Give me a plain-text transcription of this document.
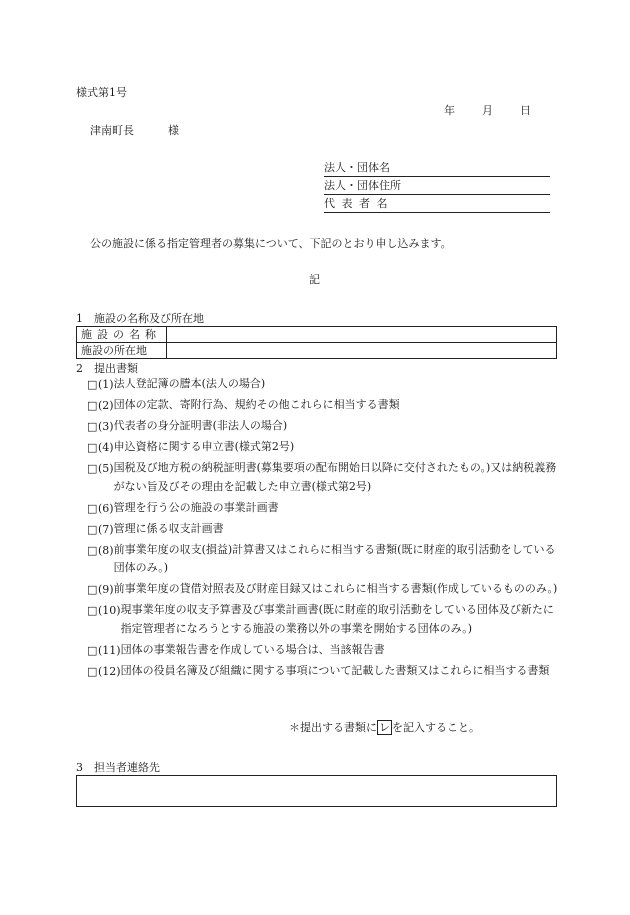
様式第1号
年	月	日
津南町長	様
法人・団体名
法人・団体住所
代表者名
公の施設に係る指定管理者の募集について、下記のとおり申し込みます。
記
1　施設の名称及び所在地
施設の名称	
施設の所在地	
2　提出書類
□ (1) 法人登記簿の謄本(法人の場合)
□ (2) 団体の定款、寄附行為、規約その他これらに相当する書類
□ (3) 代表者の身分証明書(非法人の場合)
□ (4) 申込資格に関する申立書(様式第2号)
□ (5) 国税及び地方税の納税証明書(募集要項の配布開始日以降に交付されたもの。)又は納税義務がない旨及びその理由を記載した申立書(様式第2号)
□ (6) 管理を行う公の施設の事業計画書
□ (7) 管理に係る収支計画書
□ (8) 前事業年度の収支(損益)計算書又はこれらに相当する書類(既に財産的取引活動をしている団体のみ。)
□ (9) 前事業年度の貸借対照表及び財産目録又はこれらに相当する書類(作成しているもののみ。)
□ (10) 現事業年度の収支予算書及び事業計画書(既に財産的取引活動をしている団体及び新たに指定管理者になろうとする施設の業務以外の事業を開始する団体のみ。)
□ (11) 団体の事業報告書を作成している場合は、当該報告書
□ (12) 団体の役員名簿及び組織に関する事項について記載した書類又はこれらに相当する書類
＊提出する書類に レ を記入すること。
3　担当者連絡先
